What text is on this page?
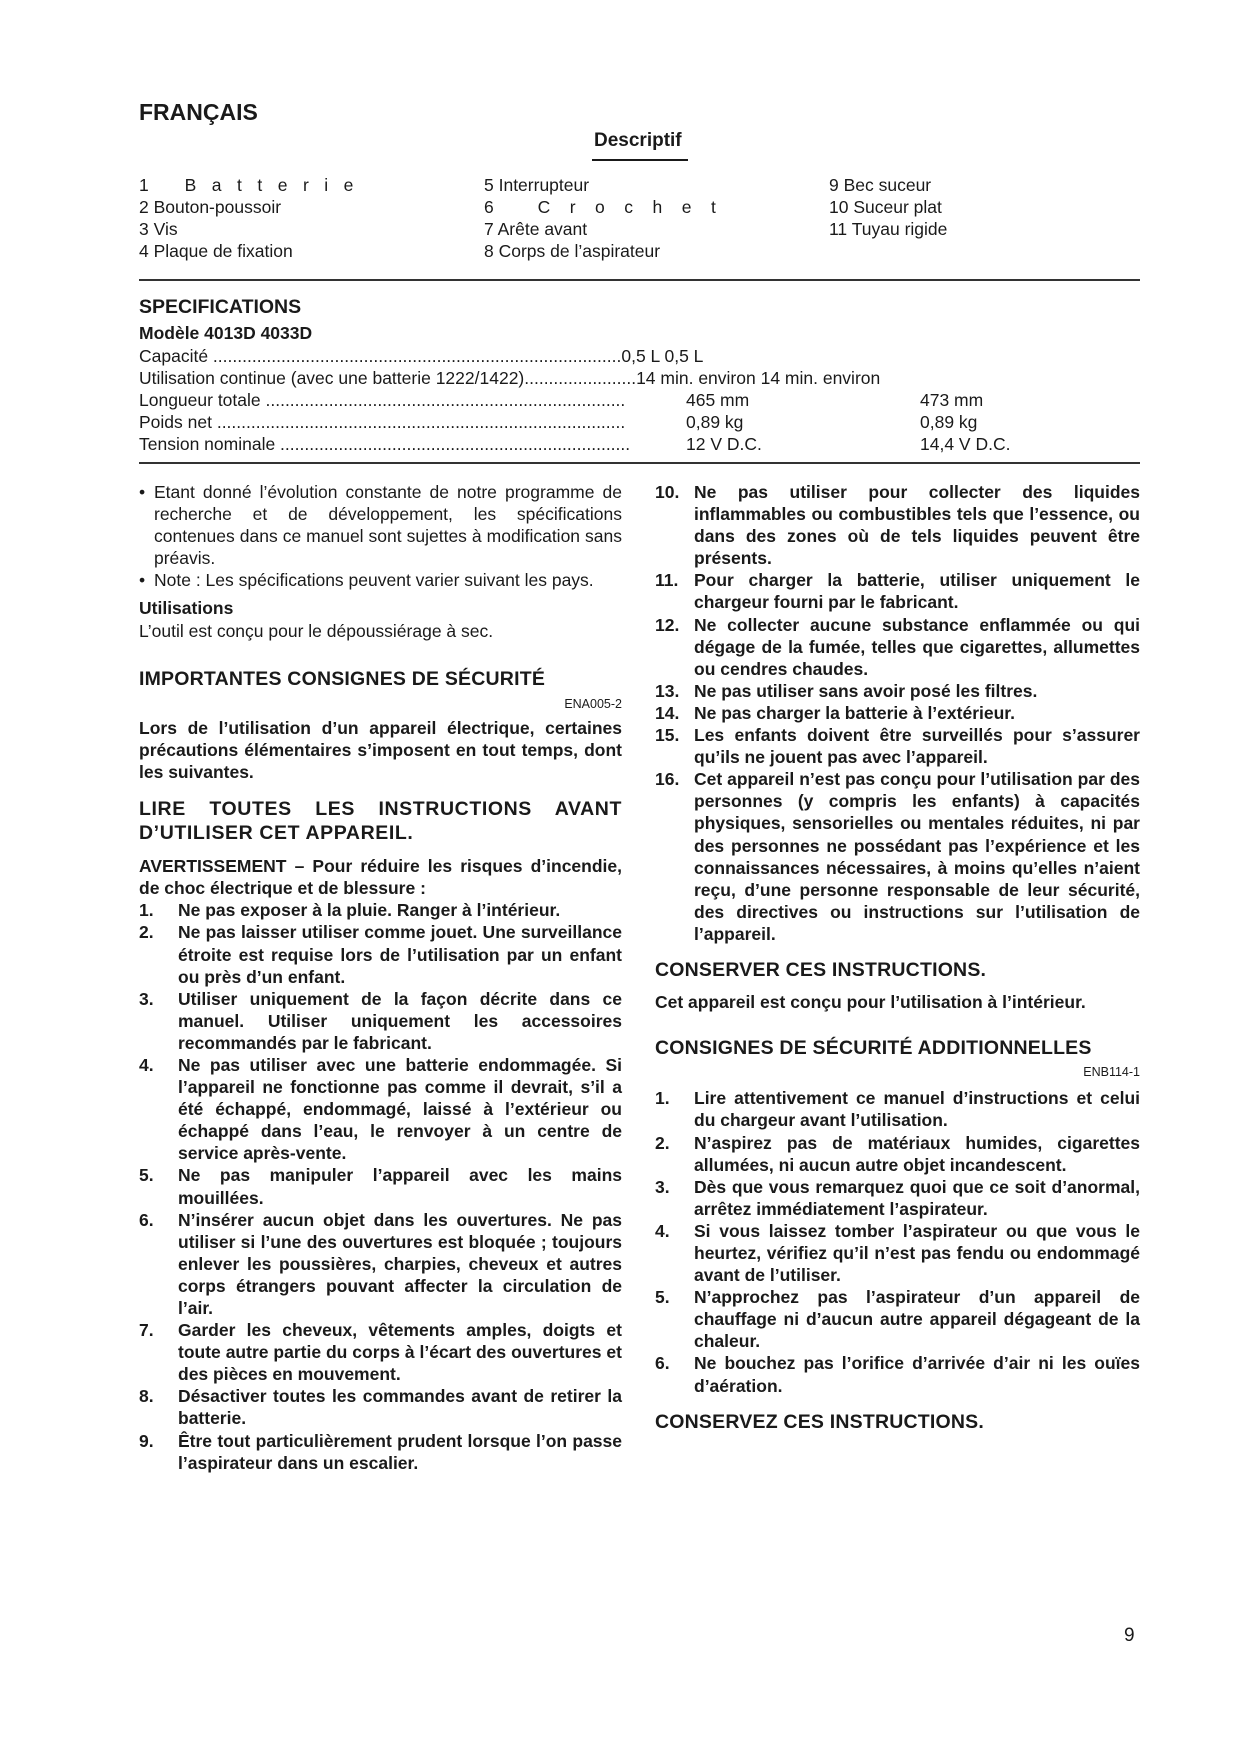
FRANÇAIS
Descriptif
1 Batterie
2 Bouton-poussoir
3 Vis
4 Plaque de fixation
5 Interrupteur
6 Crochet
7 Arête avant
8 Corps de l’aspirateur
9 Bec suceur
10 Suceur plat
11 Tuyau rigide
SPECIFICATIONS
Modèle 4013D 4033D
Capacité ....................................................................................0,5 L 0,5 L
Utilisation continue (avec une batterie 1222/1422).......................14 min. environ 14 min. environ
Longueur totale ..........................................................................	465 mm	473 mm
Poids net ....................................................................................	0,89 kg	0,89 kg
Tension nominale ........................................................................	12 V D.C.	14,4 V D.C.
• Etant donné l’évolution constante de notre programme de recherche et de développement, les spécifications contenues dans ce manuel sont sujettes à modification sans préavis.
• Note : Les spécifications peuvent varier suivant les pays.
Utilisations
L’outil est conçu pour le dépoussiérage à sec.
IMPORTANTES CONSIGNES DE SÉCURITÉ
ENA005-2
Lors de l’utilisation d’un appareil électrique, certaines précautions élémentaires s’imposent en tout temps, dont les suivantes.
LIRE TOUTES LES INSTRUCTIONS AVANT D’UTILISER CET APPAREIL.
AVERTISSEMENT – Pour réduire les risques d’incendie, de choc électrique et de blessure :
1. Ne pas exposer à la pluie. Ranger à l’intérieur.
2. Ne pas laisser utiliser comme jouet. Une surveillance étroite est requise lors de l’utilisation par un enfant ou près d’un enfant.
3. Utiliser uniquement de la façon décrite dans ce manuel. Utiliser uniquement les accessoires recommandés par le fabricant.
4. Ne pas utiliser avec une batterie endommagée. Si l’appareil ne fonctionne pas comme il devrait, s’il a été échappé, endommagé, laissé à l’extérieur ou échappé dans l’eau, le renvoyer à un centre de service après-vente.
5. Ne pas manipuler l’appareil avec les mains mouillées.
6. N’insérer aucun objet dans les ouvertures. Ne pas utiliser si l’une des ouvertures est bloquée ; toujours enlever les poussières, charpies, cheveux et autres corps étrangers pouvant affecter la circulation de l’air.
7. Garder les cheveux, vêtements amples, doigts et toute autre partie du corps à l’écart des ouvertures et des pièces en mouvement.
8. Désactiver toutes les commandes avant de retirer la batterie.
9. Être tout particulièrement prudent lorsque l’on passe l’aspirateur dans un escalier.
10. Ne pas utiliser pour collecter des liquides inflammables ou combustibles tels que l’essence, ou dans des zones où de tels liquides peuvent être présents.
11. Pour charger la batterie, utiliser uniquement le chargeur fourni par le fabricant.
12. Ne collecter aucune substance enflammée ou qui dégage de la fumée, telles que cigarettes, allumettes ou cendres chaudes.
13. Ne pas utiliser sans avoir posé les filtres.
14. Ne pas charger la batterie à l’extérieur.
15. Les enfants doivent être surveillés pour s’assurer qu’ils ne jouent pas avec l’appareil.
16. Cet appareil n’est pas conçu pour l’utilisation par des personnes (y compris les enfants) à capacités physiques, sensorielles ou mentales réduites, ni par des personnes ne possédant pas l’expérience et les connaissances nécessaires, à moins qu’elles n’aient reçu, d’une personne responsable de leur sécurité, des directives ou instructions sur l’utilisation de l’appareil.
CONSERVER CES INSTRUCTIONS.
Cet appareil est conçu pour l’utilisation à l’intérieur.
CONSIGNES DE SÉCURITÉ ADDITIONNELLES
ENB114-1
1. Lire attentivement ce manuel d’instructions et celui du chargeur avant l’utilisation.
2. N’aspirez pas de matériaux humides, cigarettes allumées, ni aucun autre objet incandescent.
3. Dès que vous remarquez quoi que ce soit d’anormal, arrêtez immédiatement l’aspirateur.
4. Si vous laissez tomber l’aspirateur ou que vous le heurtez, vérifiez qu’il n’est pas fendu ou endommagé avant de l’utiliser.
5. N’approchez pas l’aspirateur d’un appareil de chauffage ni d’aucun autre appareil dégageant de la chaleur.
6. Ne bouchez pas l’orifice d’arrivée d’air ni les ouïes d’aération.
CONSERVEZ CES INSTRUCTIONS.
9
